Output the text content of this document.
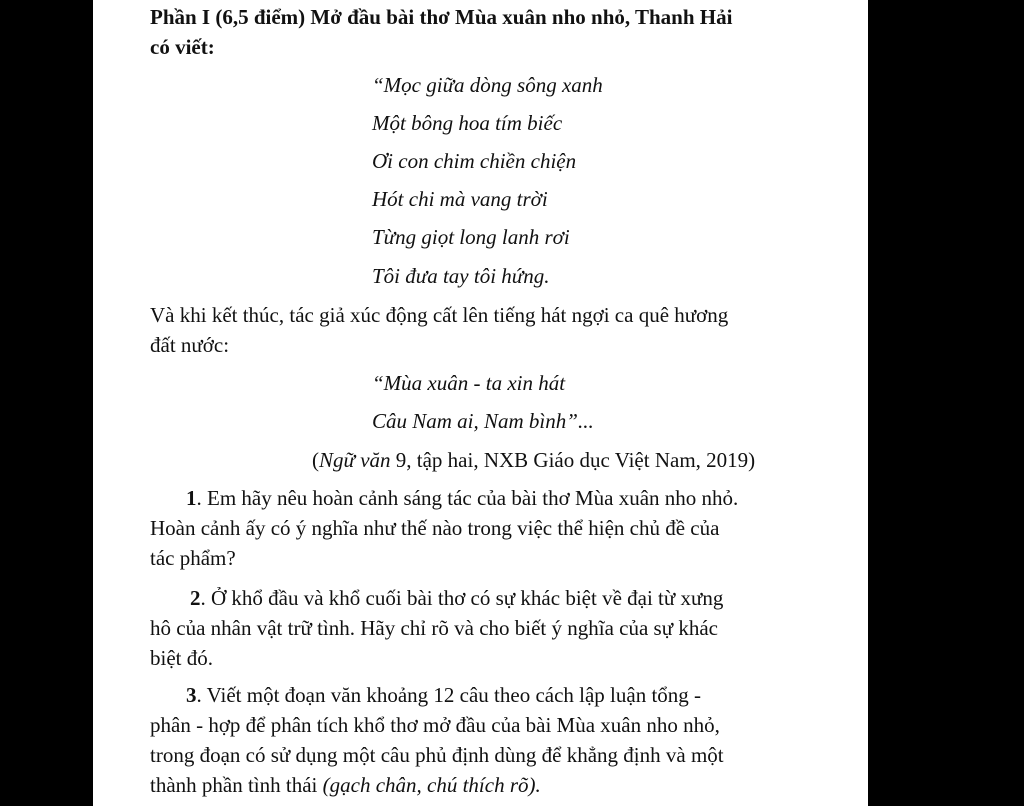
Phần I (6,5 điểm) Mở đầu bài thơ Mùa xuân nho nhỏ, Thanh Hải
có viết:

“Mọc giữa dòng sông xanh

Một bông hoa tím biếc

Ơi con chim chiền chiện

Hót chi mà vang trời

Từng giọt long lanh rơi

Tôi đưa tay tôi hứng.

Và khi kết thúc, tác giả xúc động cất lên tiếng hát ngợi ca quê hương
đất nước:

“Mùa xuân - ta xin hát

Câu Nam ai, Nam bình”...

(Ngữ văn 9, tập hai, NXB Giáo dục Việt Nam, 2019)

1. Em hãy nêu hoàn cảnh sáng tác của bài thơ Mùa xuân nho nhỏ.
Hoàn cảnh ấy có ý nghĩa như thế nào trong việc thể hiện chủ đề của
tác phẩm?

2. Ở khổ đầu và khổ cuối bài thơ có sự khác biệt về đại từ xưng
hô của nhân vật trữ tình. Hãy chỉ rõ và cho biết ý nghĩa của sự khác
biệt đó.

3. Viết một đoạn văn khoảng 12 câu theo cách lập luận tổng -
phân - hợp để phân tích khổ thơ mở đầu của bài Mùa xuân nho nhỏ,
trong đoạn có sử dụng một câu phủ định dùng để khẳng định và một
thành phần tình thái (gạch chân, chú thích rõ).
